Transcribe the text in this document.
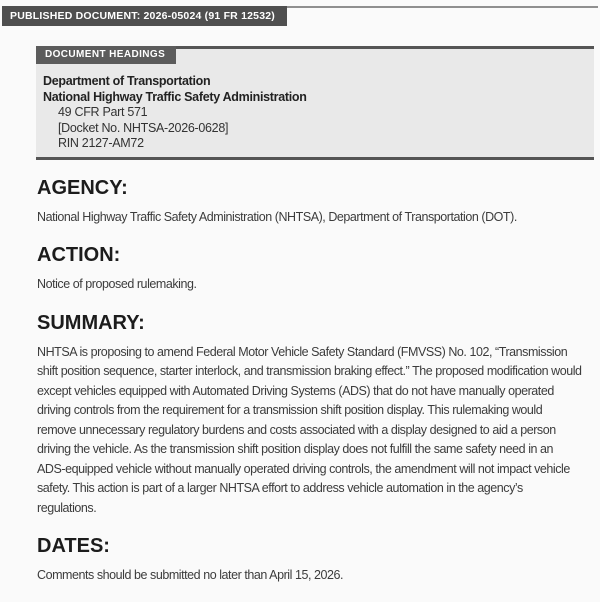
PUBLISHED DOCUMENT: 2026-05024 (91 FR 12532)
DOCUMENT HEADINGS
Department of Transportation
National Highway Traffic Safety Administration
49 CFR Part 571
[Docket No. NHTSA-2026-0628]
RIN 2127-AM72
AGENCY:

National Highway Traffic Safety Administration (NHTSA), Department of Transportation (DOT).

ACTION:

Notice of proposed rulemaking.

SUMMARY:

NHTSA is proposing to amend Federal Motor Vehicle Safety Standard (FMVSS) No. 102, “Transmission shift position sequence, starter interlock, and transmission braking effect.” The proposed modification would except vehicles equipped with Automated Driving Systems (ADS) that do not have manually operated driving controls from the requirement for a transmission shift position display. This rulemaking would remove unnecessary regulatory burdens and costs associated with a display designed to aid a person driving the vehicle. As the transmission shift position display does not fulfill the same safety need in an ADS-equipped vehicle without manually operated driving controls, the amendment will not impact vehicle safety. This action is part of a larger NHTSA effort to address vehicle automation in the agency’s regulations.

DATES:

Comments should be submitted no later than April 15, 2026.
